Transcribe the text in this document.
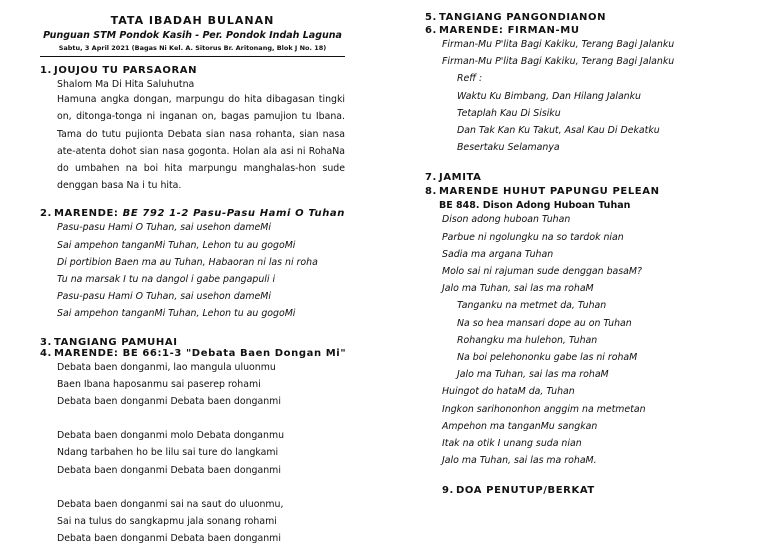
TATA IBADAH BULANAN
Punguan STM Pondok Kasih - Per. Pondok Indah Laguna
Sabtu, 3 April 2021 (Bagas Ni Kel. A. Sitorus Br. Aritonang, Blok J No. 18)
1. JOUJOU TU PARSAORAN
Shalom Ma Di Hita Saluhutna
Hamuna angka dongan, marpungu do hita dibagasan tingki on, ditonga-tonga ni inganan on, bagas pamujion tu Ibana. Tama do tutu pujionta Debata sian nasa rohanta, sian nasa ate-atenta dohot sian nasa gogonta. Holan ala asi ni RohaNa do umbahen na boi hita marpungu manghalas-hon sude denggan basa Na i tu hita.
2. MARENDE: BE 792 1-2 Pasu-Pasu Hami O Tuhan
Pasu-pasu Hami O Tuhan, sai usehon dameMi
Sai ampehon tanganMi Tuhan, Lehon tu au gogoMi
Di portibion Baen ma au Tuhan, Habaoran ni las ni roha
Tu na marsak I tu na dangol i gabe pangapuli i
Pasu-pasu Hami O Tuhan, sai usehon dameMi
Sai ampehon tanganMi Tuhan, Lehon tu au gogoMi
3. TANGIANG PAMUHAI
4. MARENDE: BE 66:1-3 "Debata Baen Dongan Mi"
Debata baen donganmi, lao mangula uluonmu
Baen Ibana haposanmu sai paserep rohami
Debata baen donganmi Debata baen donganmi
Debata baen donganmi molo Debata donganmu
Ndang tarbahen ho be lilu sai ture do langkami
Debata baen donganmi Debata baen donganmi
Debata baen donganmi sai na saut do uluonmu,
Sai na tulus do sangkapmu jala sonang rohami
Debata baen donganmi Debata baen donganmi
5. TANGIANG PANGONDIANON
6. MARENDE: FIRMAN-MU
Firman-Mu P'lita Bagi Kakiku, Terang Bagi Jalanku
Firman-Mu P'lita Bagi Kakiku, Terang Bagi Jalanku
Reff :
Waktu Ku Bimbang, Dan Hilang Jalanku
Tetaplah Kau Di Sisiku
Dan Tak Kan Ku Takut, Asal Kau Di Dekatku
Besertaku Selamanya
7. JAMITA
8. MARENDE HUHUT PAPUNGU PELEAN
BE 848. Dison Adong Huboan Tuhan
Dison adong huboan Tuhan
Parbue ni ngolungku na so tardok nian
Sadia ma argana Tuhan
Molo sai ni rajuman sude denggan basaM?
Jalo ma Tuhan, sai las ma rohaM
Tanganku na metmet da, Tuhan
Na so hea mansari dope au on Tuhan
Rohangku ma hulehon, Tuhan
Na boi pelehononku gabe las ni rohaM
Jalo ma Tuhan, sai las ma rohaM
Huingot do hataM da, Tuhan
Ingkon sarihononhon anggim na metmetan
Ampehon ma tanganMu sangkan
Itak na otik I unang suda nian
Jalo ma Tuhan, sai las ma rohaM.
9. DOA PENUTUP/BERKAT
